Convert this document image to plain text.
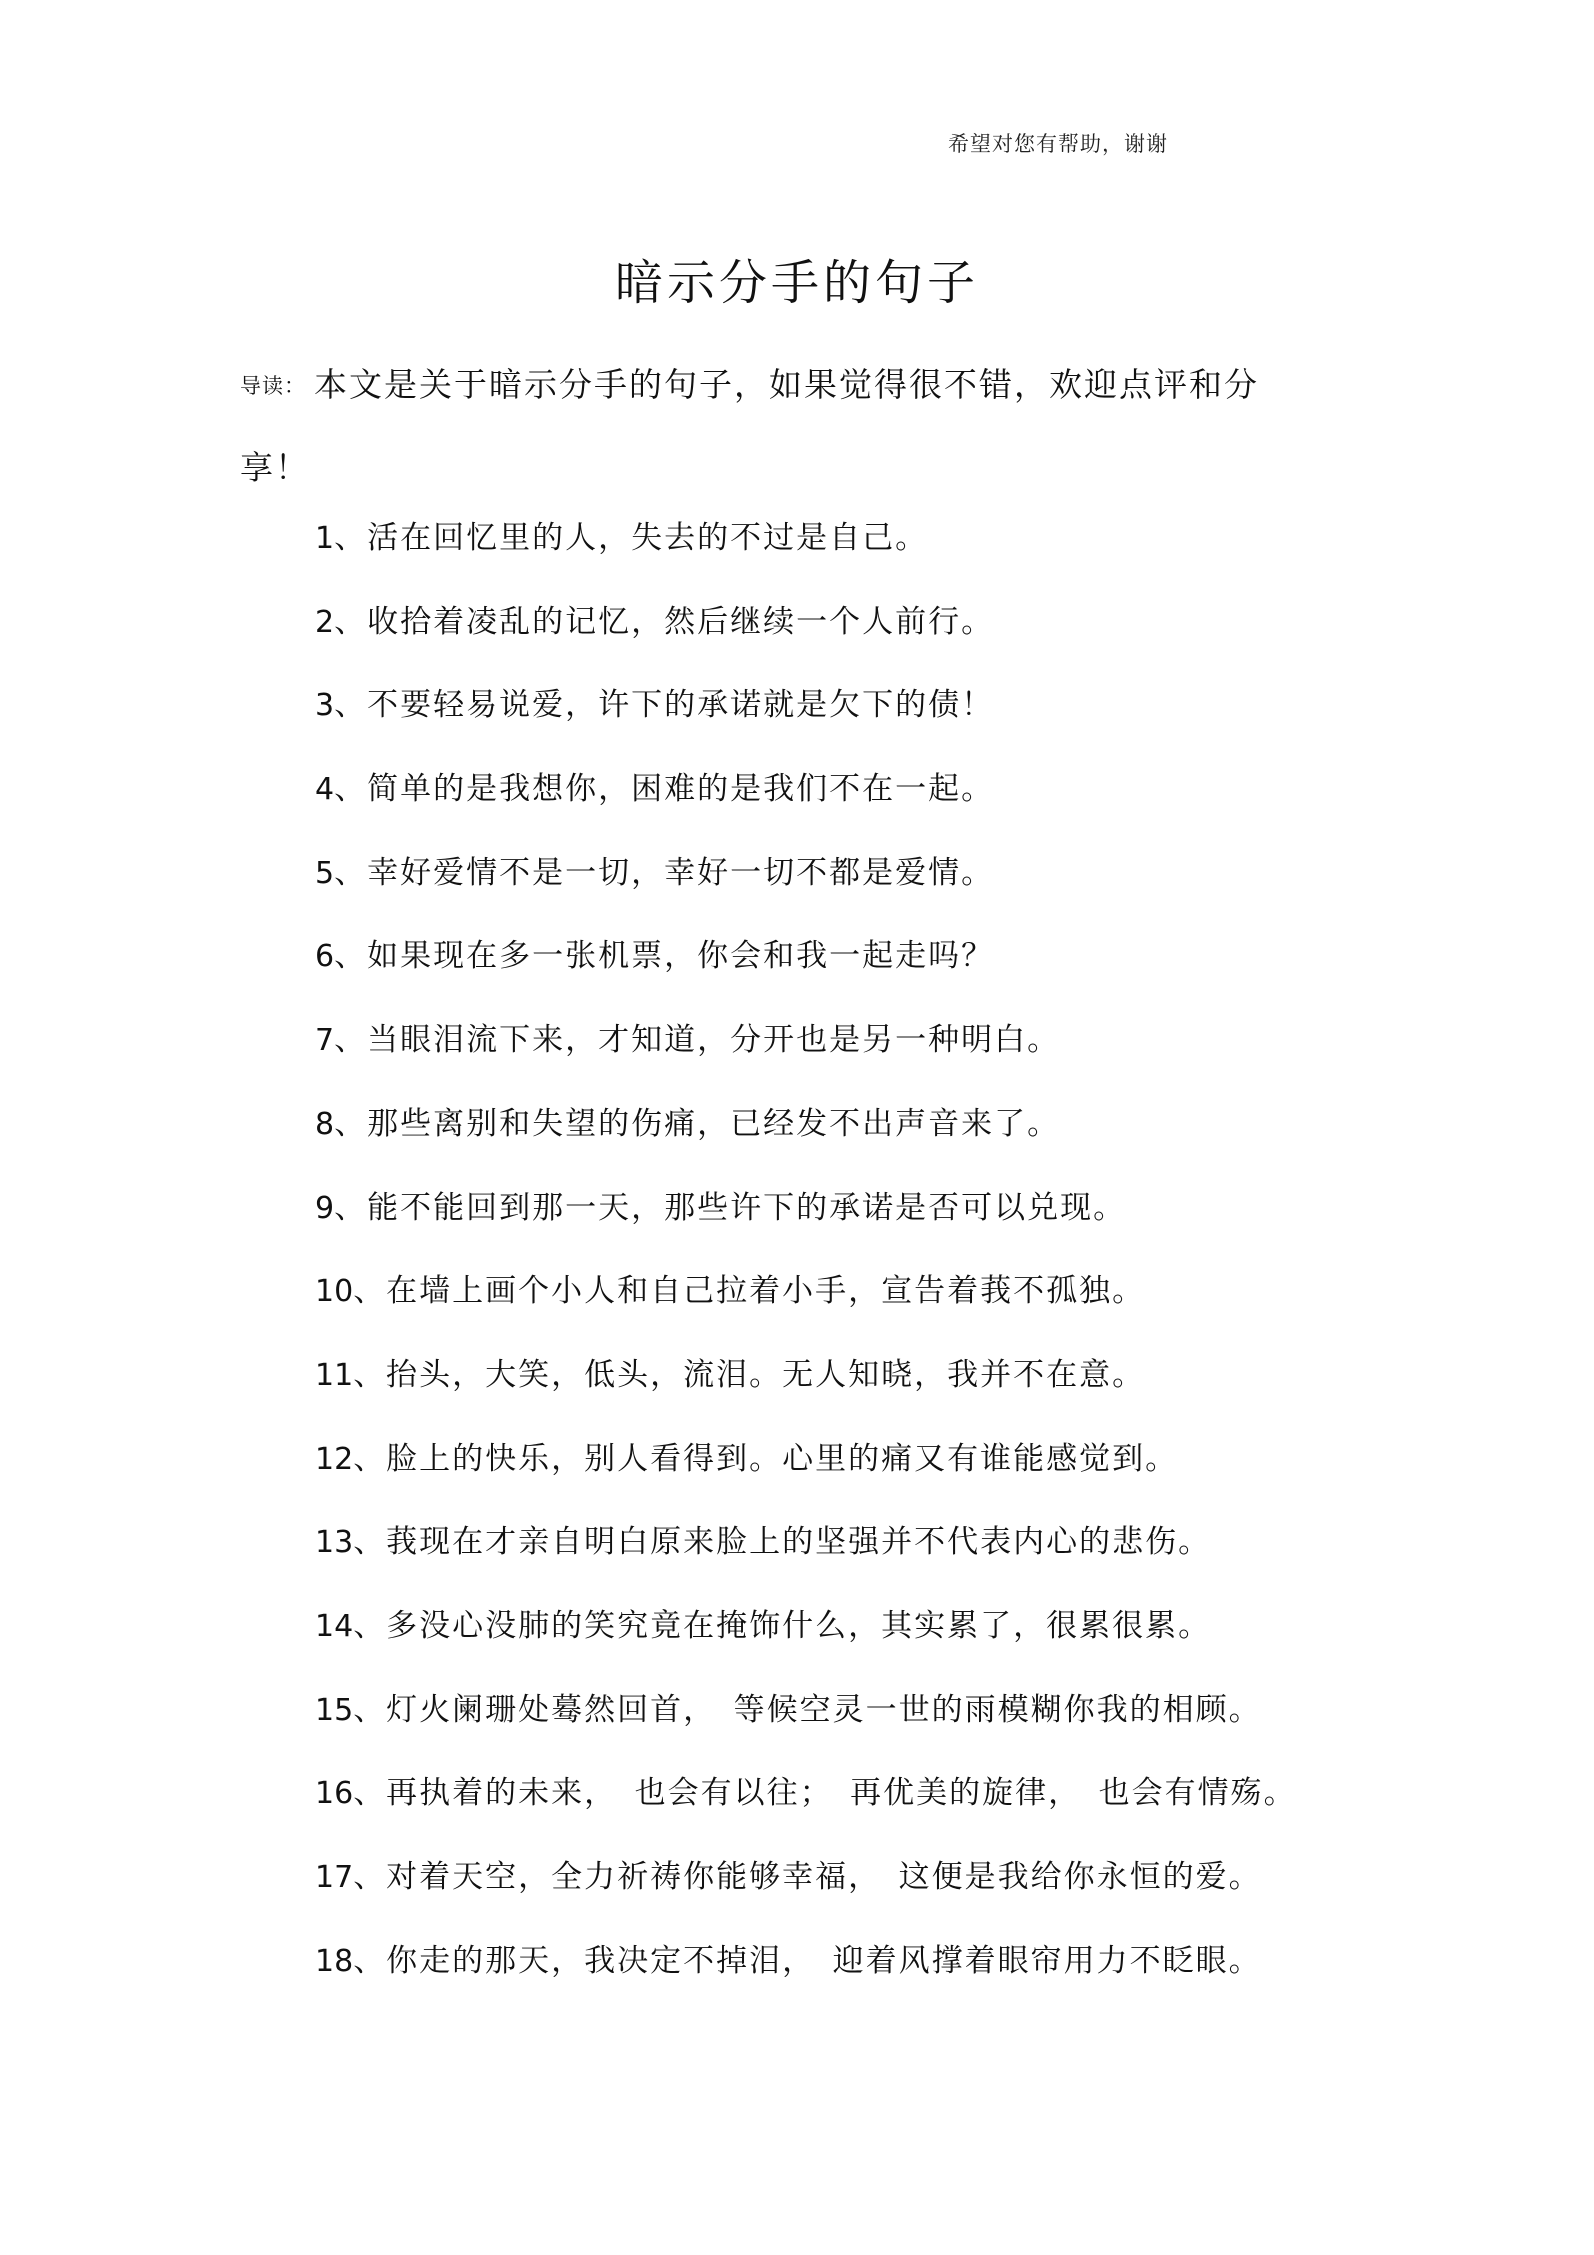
希望对您有帮助，谢谢
暗示分手的句子
导读： 本文是关于暗示分手的句子，如果觉得很不错，欢迎点评和分享！
1、活在回忆里的人，失去的不过是自己。
2、收拾着凌乱的记忆，然后继续一个人前行。
3、不要轻易说爱，许下的承诺就是欠下的债！
4、简单的是我想你，困难的是我们不在一起。
5、幸好爱情不是一切，幸好一切不都是爱情。
6、如果现在多一张机票，你会和我一起走吗？
7、当眼泪流下来，才知道，分开也是另一种明白。
8、那些离别和失望的伤痛，已经发不出声音来了。
9、能不能回到那一天，那些许下的承诺是否可以兑现。
10、在墙上画个小人和自己拉着小手，宣告着莪不孤独。
11、抬头，大笑，低头，流泪。无人知晓，我并不在意。
12、脸上的快乐，别人看得到。心里的痛又有谁能感觉到。
13、莪现在才亲自明白原来脸上的坚强并不代表内心的悲伤。
14、多没心没肺的笑究竟在掩饰什么，其实累了，很累很累。
15、灯火阑珊处蓦然回首，　等候空灵一世的雨模糊你我的相顾。
16、再执着的未来，　也会有以往；　再优美的旋律，　也会有情殇。
17、对着天空，全力祈祷你能够幸福，　这便是我给你永恒的爱。
18、你走的那天，我决定不掉泪，　迎着风撑着眼帘用力不眨眼。
